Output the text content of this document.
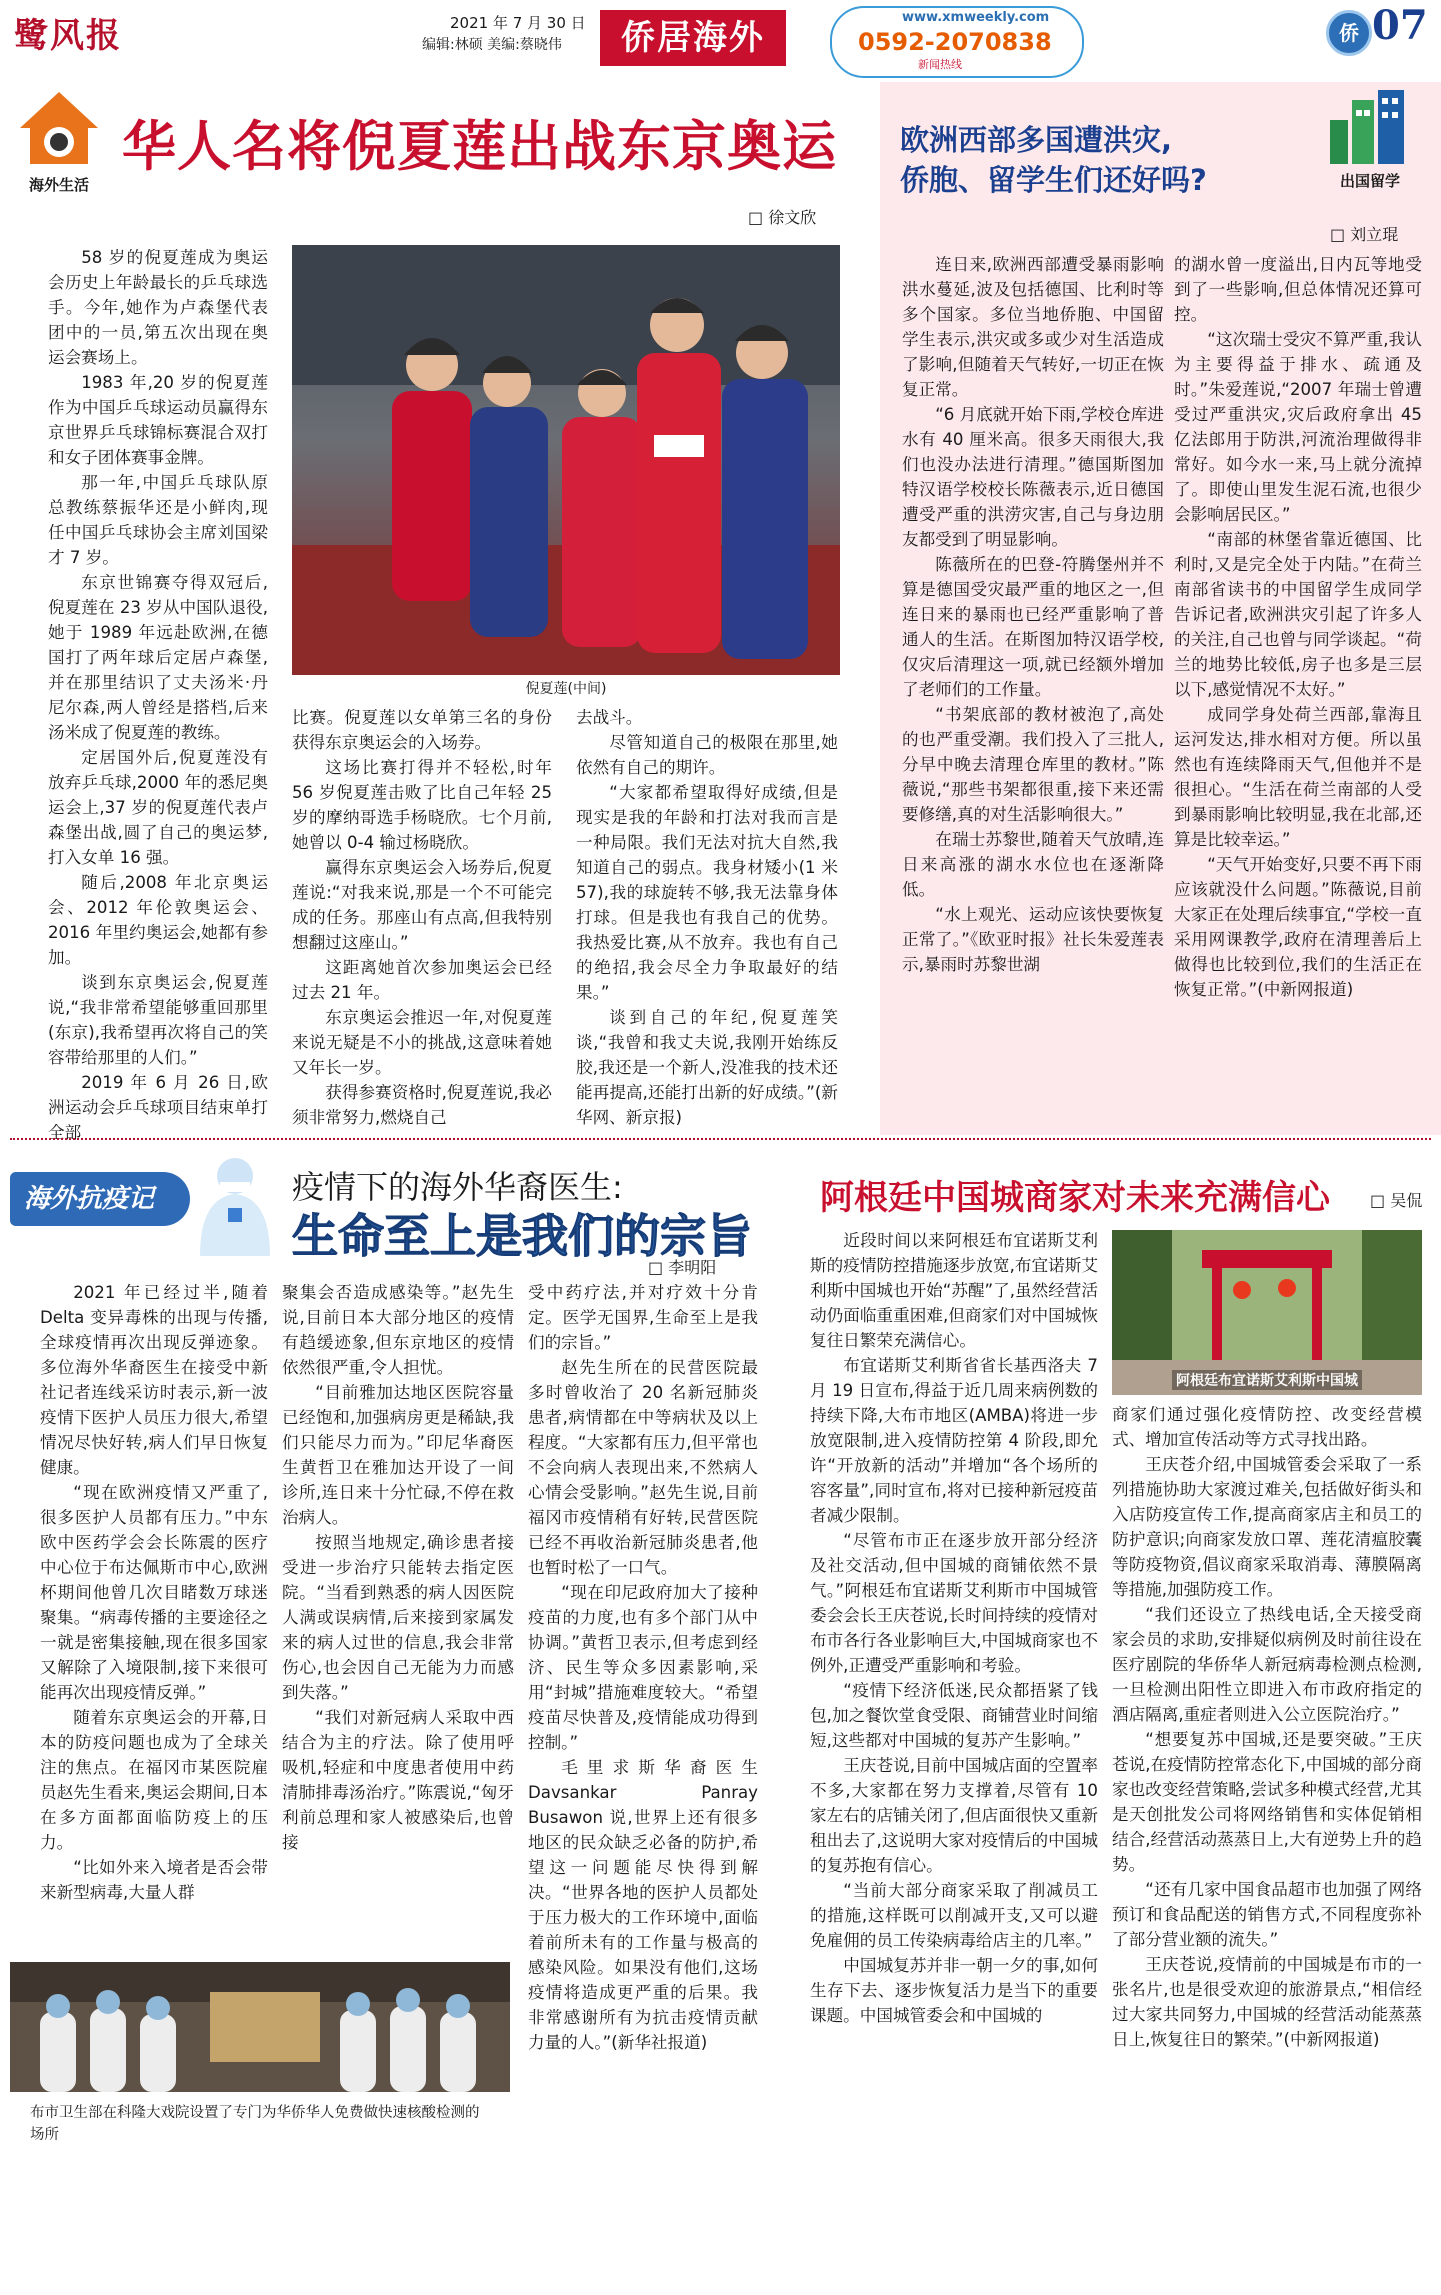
鹭风报	2021 年 7 月 30 日
编辑:林硕 美编:蔡晓伟	侨居海外
www.xmweekly.com
0592-2070838
新闻热线
侨 07
海外生活
华人名将倪夏莲出战东京奥运
□ 徐文欣
倪夏莲(中间)

58 岁的倪夏莲成为奥运会历史上年龄最长的乒乓球选手。今年,她作为卢森堡代表团中的一员,第五次出现在奥运会赛场上。

1983 年,20 岁的倪夏莲作为中国乒乓球运动员赢得东京世界乒乓球锦标赛混合双打和女子团体赛事金牌。

那一年,中国乒乓球队原总教练蔡振华还是小鲜肉,现任中国乒乓球协会主席刘国梁才 7 岁。

东京世锦赛夺得双冠后,倪夏莲在 23 岁从中国队退役,她于 1989 年远赴欧洲,在德国打了两年球后定居卢森堡,并在那里结识了丈夫汤米·丹尼尔森,两人曾经是搭档,后来汤米成了倪夏莲的教练。

定居国外后,倪夏莲没有放弃乒乓球,2000 年的悉尼奥运会上,37 岁的倪夏莲代表卢森堡出战,圆了自己的奥运梦,打入女单 16 强。

随后,2008 年北京奥运会、2012 年伦敦奥运会、2016 年里约奥运会,她都有参加。

谈到东京奥运会,倪夏莲说,“我非常希望能够重回那里(东京),我希望再次将自己的笑容带给那里的人们。”

2019 年 6 月 26 日,欧洲运动会乒乓球项目结束单打全部

比赛。倪夏莲以女单第三名的身份获得东京奥运会的入场券。

这场比赛打得并不轻松,时年 56 岁倪夏莲击败了比自己年轻 25 岁的摩纳哥选手杨晓欣。七个月前,她曾以 0-4 输过杨晓欣。

赢得东京奥运会入场券后,倪夏莲说:“对我来说,那是一个不可能完成的任务。那座山有点高,但我特别想翻过这座山。”

这距离她首次参加奥运会已经过去 21 年。

东京奥运会推迟一年,对倪夏莲来说无疑是不小的挑战,这意味着她又年长一岁。

获得参赛资格时,倪夏莲说,我必须非常努力,燃烧自己

去战斗。

尽管知道自己的极限在那里,她依然有自己的期许。

“大家都希望取得好成绩,但是现实是我的年龄和打法对我而言是一种局限。我们无法对抗大自然,我知道自己的弱点。我身材矮小(1 米 57),我的球旋转不够,我无法靠身体打球。但是我也有我自己的优势。我热爱比赛,从不放弃。我也有自己的绝招,我会尽全力争取最好的结果。”

谈到自己的年纪,倪夏莲笑谈,“我曾和我丈夫说,我刚开始练反胶,我还是一个新人,没准我的技术还能再提高,还能打出新的好成绩。”(新华网、新京报)

出国留学
欧洲西部多国遭洪灾,
侨胞、留学生们还好吗?
□ 刘立琨

连日来,欧洲西部遭受暴雨影响洪水蔓延,波及包括德国、比利时等多个国家。多位当地侨胞、中国留学生表示,洪灾或多或少对生活造成了影响,但随着天气转好,一切正在恢复正常。

“6 月底就开始下雨,学校仓库进水有 40 厘米高。很多天雨很大,我们也没办法进行清理。”德国斯图加特汉语学校校长陈薇表示,近日德国遭受严重的洪涝灾害,自己与身边朋友都受到了明显影响。

陈薇所在的巴登-符腾堡州并不算是德国受灾最严重的地区之一,但连日来的暴雨也已经严重影响了普通人的生活。在斯图加特汉语学校,仅灾后清理这一项,就已经额外增加了老师们的工作量。

“书架底部的教材被泡了,高处的也严重受潮。我们投入了三批人,分早中晚去清理仓库里的教材。”陈薇说,“那些书架都很重,接下来还需要修缮,真的对生活影响很大。”

在瑞士苏黎世,随着天气放晴,连日来高涨的湖水水位也在逐渐降低。

“水上观光、运动应该快要恢复正常了。”《欧亚时报》社长朱爱莲表示,暴雨时苏黎世湖

的湖水曾一度溢出,日内瓦等地受到了一些影响,但总体情况还算可控。

“这次瑞士受灾不算严重,我认为主要得益于排水、疏通及时。”朱爱莲说,“2007 年瑞士曾遭受过严重洪灾,灾后政府拿出 45 亿法郎用于防洪,河流治理做得非常好。如今水一来,马上就分流掉了。即使山里发生泥石流,也很少会影响居民区。”

“南部的林堡省靠近德国、比利时,又是完全处于内陆。”在荷兰南部省读书的中国留学生成同学告诉记者,欧洲洪灾引起了许多人的关注,自己也曾与同学谈起。“荷兰的地势比较低,房子也多是三层以下,感觉情况不太好。”

成同学身处荷兰西部,靠海且运河发达,排水相对方便。所以虽然也有连续降雨天气,但他并不是很担心。“生活在荷兰南部的人受到暴雨影响比较明显,我在北部,还算是比较幸运。”

“天气开始变好,只要不再下雨应该就没什么问题。”陈薇说,目前大家正在处理后续事宜,“学校一直采用网课教学,政府在清理善后上做得也比较到位,我们的生活正在恢复正常。”(中新网报道)

海外抗疫记	疫情下的海外华裔医生:
生命至上是我们的宗旨
□ 李明阳

2021 年已经过半,随着 Delta 变异毒株的出现与传播,全球疫情再次出现反弹迹象。多位海外华裔医生在接受中新社记者连线采访时表示,新一波疫情下医护人员压力很大,希望情况尽快好转,病人们早日恢复健康。

“现在欧洲疫情又严重了,很多医护人员都有压力。”中东欧中医药学会会长陈震的医疗中心位于布达佩斯市中心,欧洲杯期间他曾几次目睹数万球迷聚集。“病毒传播的主要途径之一就是密集接触,现在很多国家又解除了入境限制,接下来很可能再次出现疫情反弹。”

随着东京奥运会的开幕,日本的防疫问题也成为了全球关注的焦点。在福冈市某医院雇员赵先生看来,奥运会期间,日本在多方面都面临防疫上的压力。

“比如外来入境者是否会带来新型病毒,大量人群

聚集会否造成感染等。”赵先生说,目前日本大部分地区的疫情有趋缓迹象,但东京地区的疫情依然很严重,令人担忧。

“目前雅加达地区医院容量已经饱和,加强病房更是稀缺,我们只能尽力而为。”印尼华裔医生黄哲卫在雅加达开设了一间诊所,连日来十分忙碌,不停在救治病人。

按照当地规定,确诊患者接受进一步治疗只能转去指定医院。“当看到熟悉的病人因医院人满或误病情,后来接到家属发来的病人过世的信息,我会非常伤心,也会因自己无能为力而感到失落。”

“我们对新冠病人采取中西结合为主的疗法。除了使用呼吸机,轻症和中度患者使用中药清肺排毒汤治疗。”陈震说,“匈牙利前总理和家人被感染后,也曾接

受中药疗法,并对疗效十分肯定。医学无国界,生命至上是我们的宗旨。”

赵先生所在的民营医院最多时曾收治了 20 名新冠肺炎患者,病情都在中等病状及以上程度。“大家都有压力,但平常也不会向病人表现出来,不然病人心情会受影响。”赵先生说,目前福冈市疫情稍有好转,民营医院已经不再收治新冠肺炎患者,他也暂时松了一口气。

“现在印尼政府加大了接种疫苗的力度,也有多个部门从中协调。”黄哲卫表示,但考虑到经济、民生等众多因素影响,采用“封城”措施难度较大。“希望疫苗尽快普及,疫情能成功得到控制。”

毛里求斯华裔医生 Davsankar Panray Busawon 说,世界上还有很多地区的民众缺乏必备的防护,希望这一问题能尽快得到解决。“世界各地的医护人员都处于压力极大的工作环境中,面临着前所未有的工作量与极高的感染风险。如果没有他们,这场疫情将造成更严重的后果。我非常感谢所有为抗击疫情贡献力量的人。”(新华社报道)

布市卫生部在科隆大戏院设置了专门为华侨华人免费做快速核酸检测的场所
阿根廷中国城商家对未来充满信心	□ 吴侃

近段时间以来阿根廷布宜诺斯艾利斯的疫情防控措施逐步放宽,布宜诺斯艾利斯中国城也开始“苏醒”了,虽然经营活动仍面临重重困难,但商家们对中国城恢复往日繁荣充满信心。

布宜诺斯艾利斯省省长基西洛夫 7 月 19 日宣布,得益于近几周来病例数的持续下降,大布市地区(AMBA)将进一步放宽限制,进入疫情防控第 4 阶段,即允许“开放新的活动”并增加“各个场所的容客量”,同时宣布,将对已接种新冠疫苗者减少限制。

“尽管布市正在逐步放开部分经济及社交活动,但中国城的商铺依然不景气。”阿根廷布宜诺斯艾利斯市中国城管委会会长王庆苍说,长时间持续的疫情对布市各行各业影响巨大,中国城商家也不例外,正遭受严重影响和考验。

“疫情下经济低迷,民众都捂紧了钱包,加之餐饮堂食受限、商铺营业时间缩短,这些都对中国城的复苏产生影响。”

王庆苍说,目前中国城店面的空置率不多,大家都在努力支撑着,尽管有 10 家左右的店铺关闭了,但店面很快又重新租出去了,这说明大家对疫情后的中国城的复苏抱有信心。

“当前大部分商家采取了削减员工的措施,这样既可以削减开支,又可以避免雇佣的员工传染病毒给店主的几率。”

中国城复苏并非一朝一夕的事,如何生存下去、逐步恢复活力是当下的重要课题。中国城管委会和中国城的

阿根廷布宜诺斯艾利斯中国城

商家们通过强化疫情防控、改变经营模式、增加宣传活动等方式寻找出路。

王庆苍介绍,中国城管委会采取了一系列措施协助大家渡过难关,包括做好街头和入店防疫宣传工作,提高商家店主和员工的防护意识;向商家发放口罩、莲花清瘟胶囊等防疫物资,倡议商家采取消毒、薄膜隔离等措施,加强防疫工作。

“我们还设立了热线电话,全天接受商家会员的求助,安排疑似病例及时前往设在医疗剧院的华侨华人新冠病毒检测点检测,一旦检测出阳性立即进入布市政府指定的酒店隔离,重症者则进入公立医院治疗。”

“想要复苏中国城,还是要突破。”王庆苍说,在疫情防控常态化下,中国城的部分商家也改变经营策略,尝试多种模式经营,尤其是天创批发公司将网络销售和实体促销相结合,经营活动蒸蒸日上,大有逆势上升的趋势。

“还有几家中国食品超市也加强了网络预订和食品配送的销售方式,不同程度弥补了部分营业额的流失。”

王庆苍说,疫情前的中国城是布市的一张名片,也是很受欢迎的旅游景点,“相信经过大家共同努力,中国城的经营活动能蒸蒸日上,恢复往日的繁荣。”(中新网报道)
